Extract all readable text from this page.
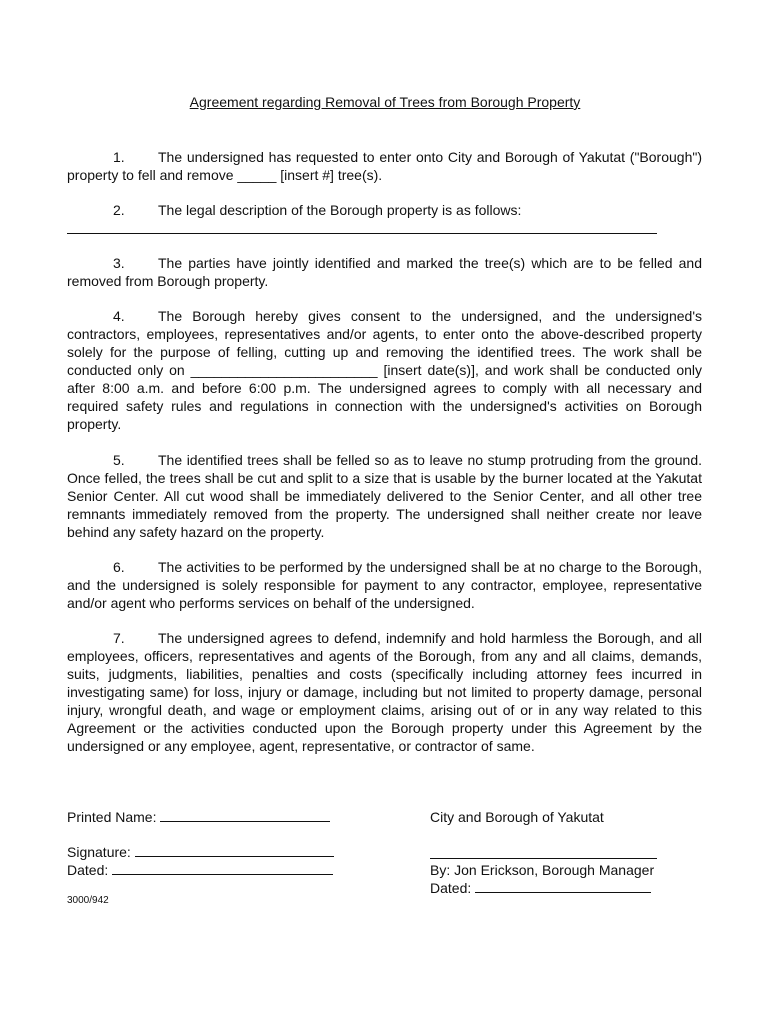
Agreement regarding Removal of Trees from Borough Property

1. The undersigned has requested to enter onto City and Borough of Yakutat ("Borough") property to fell and remove _____ [insert #] tree(s).

2. The legal description of the Borough property is as follows:

3. The parties have jointly identified and marked the tree(s) which are to be felled and removed from Borough property.

4. The Borough hereby gives consent to the undersigned, and the undersigned's contractors, employees, representatives and/or agents, to enter onto the above-described property solely for the purpose of felling, cutting up and removing the identified trees. The work shall be conducted only on ________________________ [insert date(s)], and work shall be conducted only after 8:00 a.m. and before 6:00 p.m. The undersigned agrees to comply with all necessary and required safety rules and regulations in connection with the undersigned's activities on Borough property.

5. The identified trees shall be felled so as to leave no stump protruding from the ground. Once felled, the trees shall be cut and split to a size that is usable by the burner located at the Yakutat Senior Center. All cut wood shall be immediately delivered to the Senior Center, and all other tree remnants immediately removed from the property. The undersigned shall neither create nor leave behind any safety hazard on the property.

6. The activities to be performed by the undersigned shall be at no charge to the Borough, and the undersigned is solely responsible for payment to any contractor, employee, representative and/or agent who performs services on behalf of the undersigned.

7. The undersigned agrees to defend, indemnify and hold harmless the Borough, and all employees, officers, representatives and agents of the Borough, from any and all claims, demands, suits, judgments, liabilities, penalties and costs (specifically including attorney fees incurred in investigating same) for loss, injury or damage, including but not limited to property damage, personal injury, wrongful death, and wage or employment claims, arising out of or in any way related to this Agreement or the activities conducted upon the Borough property under this Agreement by the undersigned or any employee, agent, representative, or contractor of same.

Printed Name:
Signature:
Dated:
City and Borough of Yakutat
By: Jon Erickson, Borough Manager
Dated:
3000/942
